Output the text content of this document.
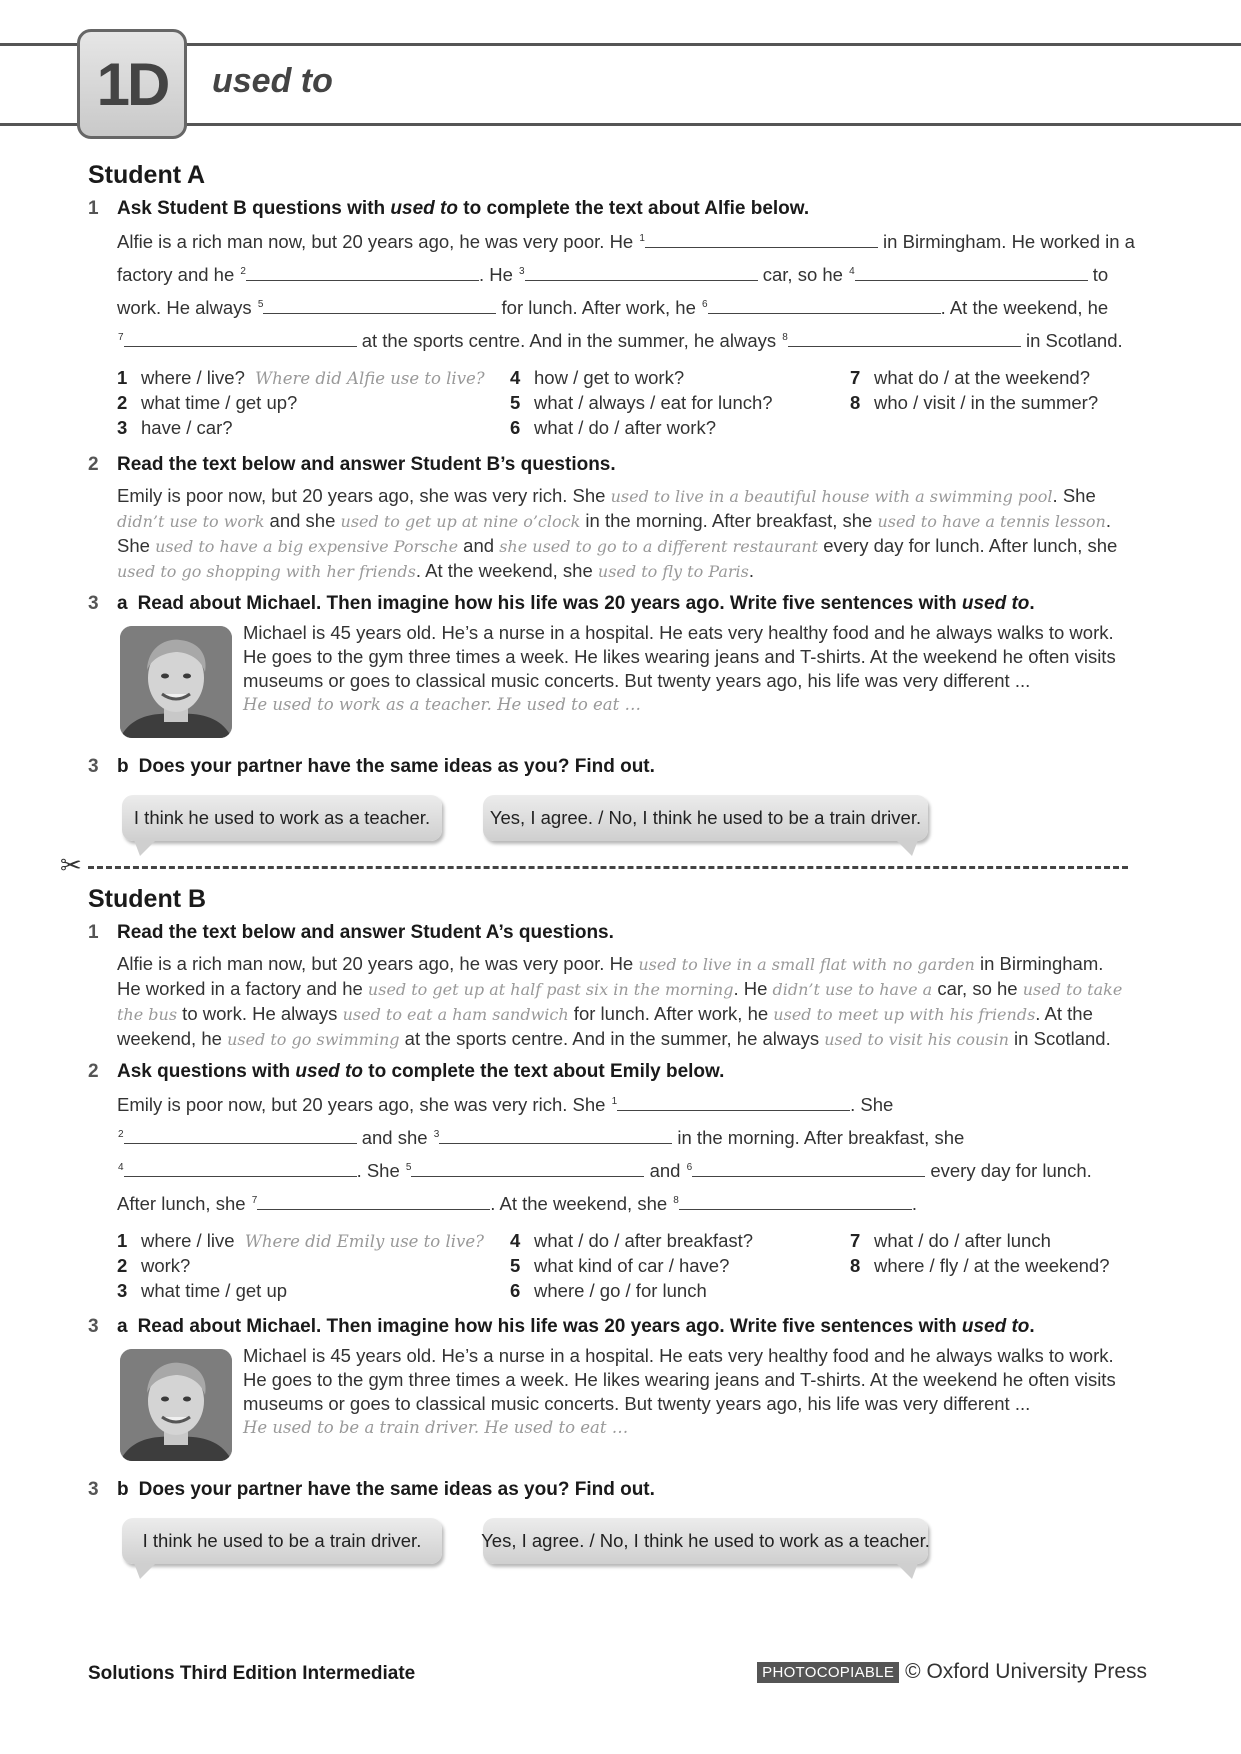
1D	used to
Student A
1 Ask Student B questions with used to to complete the text about Alfie below.
Alfie is a rich man now, but 20 years ago, he was very poor. He $^1$	in Birmingham. He worked in a
factory and he $^2$	. He $^3$	car, so he $^4$	to
work. He always $^5$	for lunch. After work, he $^6$	. At the weekend, he
$^7$	at the sports centre. And in the summer, he always $^8$	in Scotland.
1 where / live? Where did Alfie use to live?
2 what time / get up?
3 have / car?
4 how / get to work?
5 what / always / eat for lunch?
6 what / do / after work?
7 what do / at the weekend?
8 who / visit / in the summer?
2 Read the text below and answer Student B’s questions.
Emily is poor now, but 20 years ago, she was very rich. She used to live in a beautiful house with a swimming pool. She didn’t use to work and she used to get up at nine o’clock in the morning. After breakfast, she used to have a tennis lesson. She used to have a big expensive Porsche and she used to go to a different restaurant every day for lunch. After lunch, she used to go shopping with her friends. At the weekend, she used to fly to Paris.
3 a Read about Michael. Then imagine how his life was 20 years ago. Write five sentences with used to.
Michael is 45 years old. He’s a nurse in a hospital. He eats very healthy food and he always walks to work. He goes to the gym three times a week. He likes wearing jeans and T-shirts. At the weekend he often visits museums or goes to classical music concerts. But twenty years ago, his life was very different ...
He used to work as a teacher. He used to eat …
3 b Does your partner have the same ideas as you? Find out.
I think he used to work as a teacher.	Yes, I agree. / No, I think he used to be a train driver.
✂
Student B
1 Read the text below and answer Student A’s questions.
Alfie is a rich man now, but 20 years ago, he was very poor. He used to live in a small flat with no garden in Birmingham. He worked in a factory and he used to get up at half past six in the morning. He didn’t use to have a car, so he used to take the bus to work. He always used to eat a ham sandwich for lunch. After work, he used to meet up with his friends. At the weekend, he used to go swimming at the sports centre. And in the summer, he always used to visit his cousin in Scotland.
2 Ask questions with used to to complete the text about Emily below.
Emily is poor now, but 20 years ago, she was very rich. She $^1$	. She
$^2$	and she $^3$	in the morning. After breakfast, she
$^4$	. She $^5$	and $^6$	every day for lunch.
After lunch, she $^7$	. At the weekend, she $^8$	.
1 where / live Where did Emily use to live?
2 work?
3 what time / get up
4 what / do / after breakfast?
5 what kind of car / have?
6 where / go / for lunch
7 what / do / after lunch
8 where / fly / at the weekend?
3 a Read about Michael. Then imagine how his life was 20 years ago. Write five sentences with used to.
Michael is 45 years old. He’s a nurse in a hospital. He eats very healthy food and he always walks to work. He goes to the gym three times a week. He likes wearing jeans and T-shirts. At the weekend he often visits museums or goes to classical music concerts. But twenty years ago, his life was very different ...
He used to be a train driver. He used to eat …
3 b Does your partner have the same ideas as you? Find out.
I think he used to be a train driver.	Yes, I agree. / No, I think he used to work as a teacher.
Solutions Third Edition Intermediate	PHOTOCOPIABLE © Oxford University Press
